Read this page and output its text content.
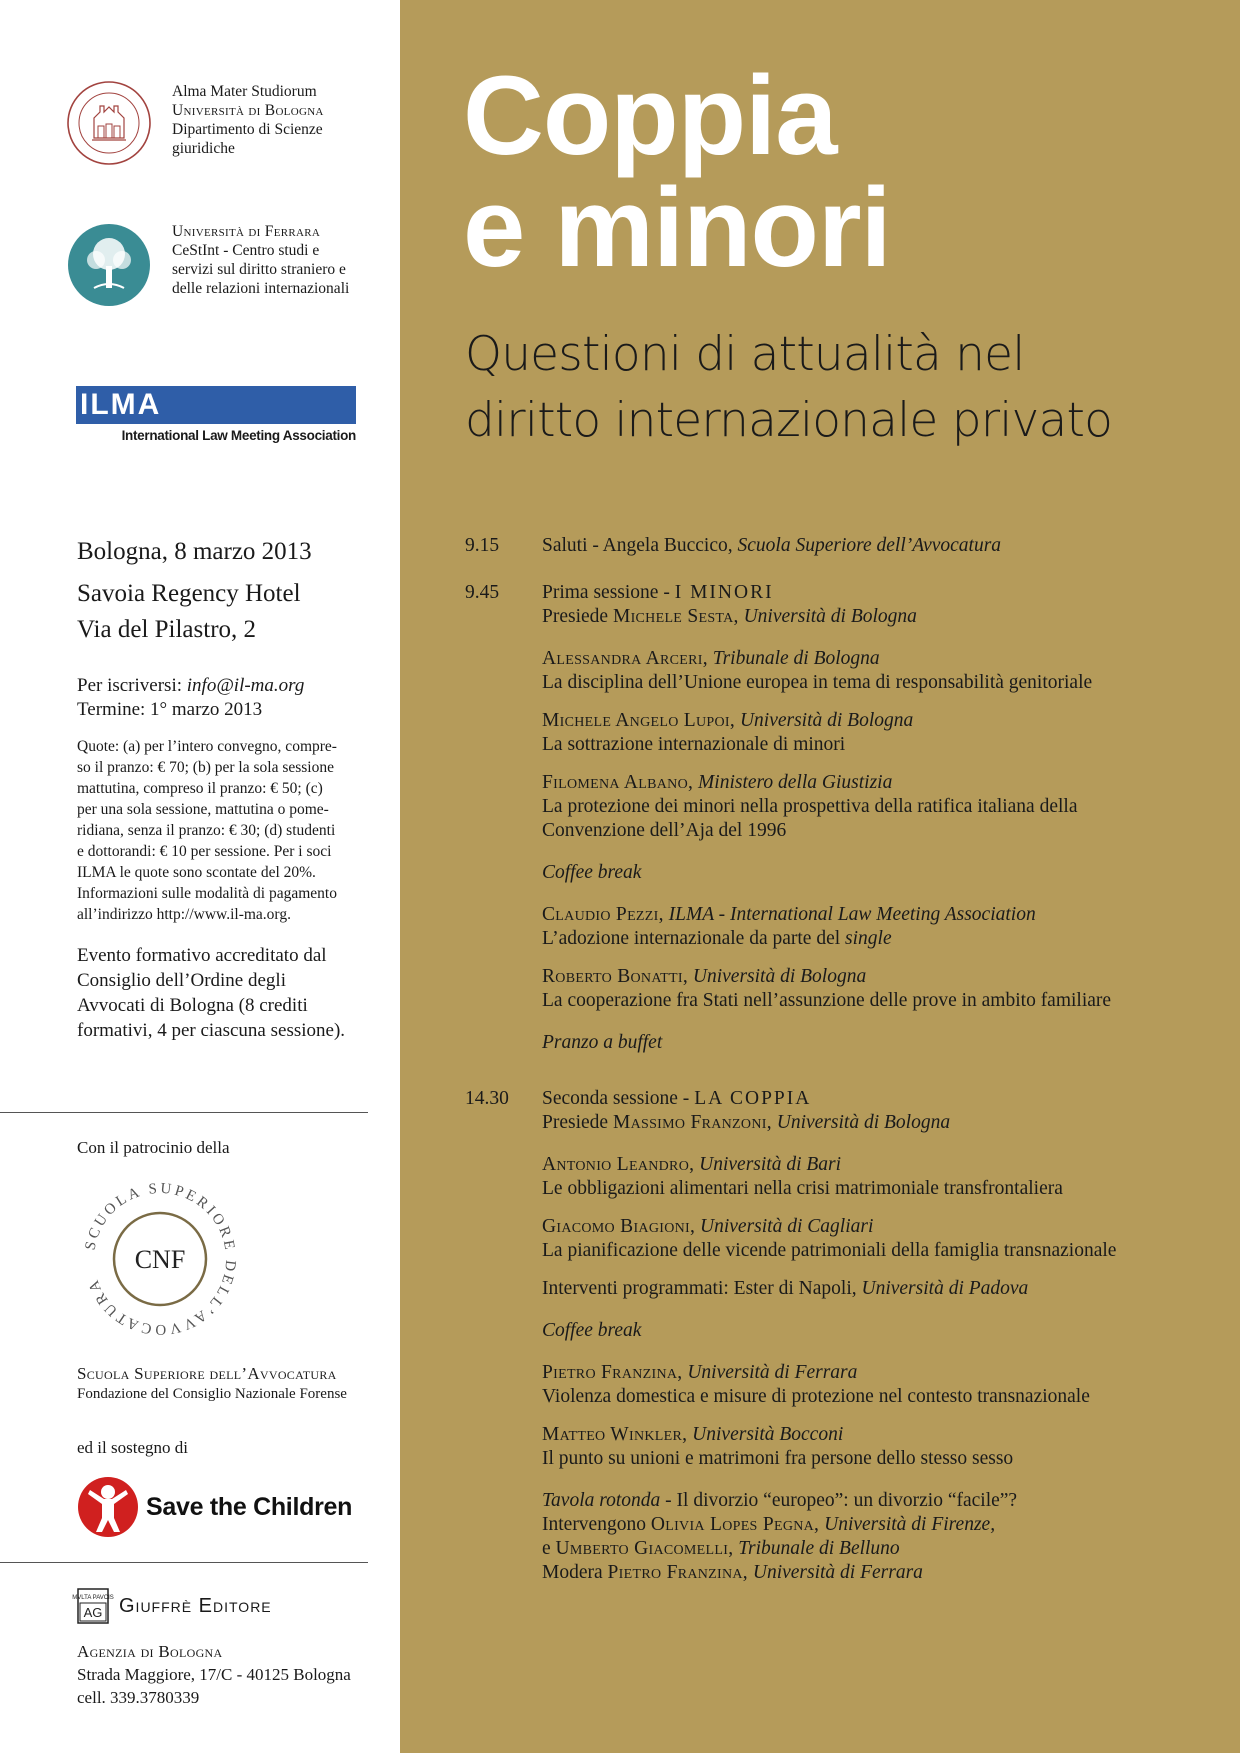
Alma Mater Studiorum
Università di Bologna
Dipartimento di Scienze
giuridiche
Università di Ferrara
CeStInt - Centro studi e
servizi sul diritto straniero e
delle relazioni internazionali
ILMA
International Law Meeting Association
Bologna, 8 marzo 2013
Savoia Regency Hotel
Via del Pilastro, 2
Per iscriversi: info@il-ma.org
Termine: 1° marzo 2013
Quote: (a) per l’intero convegno, compre-
so il pranzo: € 70; (b) per la sola sessione
mattutina, compreso il pranzo: € 50; (c)
per una sola sessione, mattutina o pome-
ridiana, senza il pranzo: € 30; (d) studenti
e dottorandi: € 10 per sessione. Per i soci
ILMA le quote sono scontate del 20%.
Informazioni sulle modalità di pagamento
all’indirizzo http://www.il-ma.org.
Evento formativo accreditato dal
Consiglio dell’Ordine degli
Avvocati di Bologna (8 crediti
formativi, 4 per ciascuna sessione).
Con il patrocinio della
SCUOLA SUPERIORE DELL’AVVOCATURA
CNF
Scuola Superiore dell’Avvocatura
Fondazione del Consiglio Nazionale Forense
ed il sostegno di
Save the Children
MVLTA PAVCIS
AG Giuffrè Editore
Agenzia di Bologna
Strada Maggiore, 17/C - 40125 Bologna
cell. 339.3780339
Coppia
e minori
Questioni di attualità nel
diritto internazionale privato
9.15	Saluti - Angela Buccico, Scuola Superiore dell’Avvocatura
9.45	Prima sessione - I MINORI
Presiede Michele Sesta, Università di Bologna
Alessandra Arceri, Tribunale di Bologna
La disciplina dell’Unione europea in tema di responsabilità genitoriale
Michele Angelo Lupoi, Università di Bologna
La sottrazione internazionale di minori
Filomena Albano, Ministero della Giustizia
La protezione dei minori nella prospettiva della ratifica italiana della
Convenzione dell’Aja del 1996
Coffee break
Claudio Pezzi, ILMA - International Law Meeting Association
L’adozione internazionale da parte del single
Roberto Bonatti, Università di Bologna
La cooperazione fra Stati nell’assunzione delle prove in ambito familiare
Pranzo a buffet
14.30	Seconda sessione - LA COPPIA
Presiede Massimo Franzoni, Università di Bologna
Antonio Leandro, Università di Bari
Le obbligazioni alimentari nella crisi matrimoniale transfrontaliera
Giacomo Biagioni, Università di Cagliari
La pianificazione delle vicende patrimoniali della famiglia transnazionale
Interventi programmati: Ester di Napoli, Università di Padova
Coffee break
Pietro Franzina, Università di Ferrara
Violenza domestica e misure di protezione nel contesto transnazionale
Matteo Winkler, Università Bocconi
Il punto su unioni e matrimoni fra persone dello stesso sesso
Tavola rotonda - Il divorzio “europeo”: un divorzio “facile”?
Intervengono Olivia Lopes Pegna, Università di Firenze,
e Umberto Giacomelli, Tribunale di Belluno
Modera Pietro Franzina, Università di Ferrara
